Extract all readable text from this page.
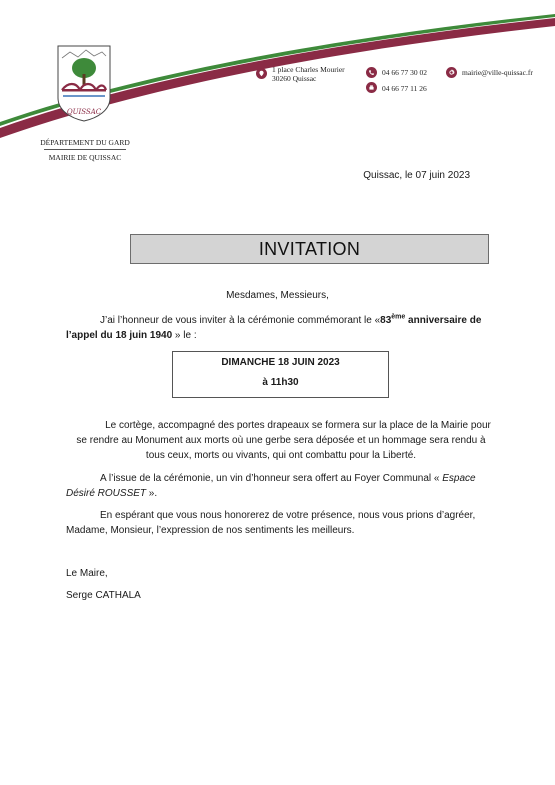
QUISSAC
DÉPARTEMENT DU GARD
MAIRIE DE QUISSAC
1 place Charles Mourier
30260 Quissac
04 66 77 30 02
04 66 77 11 26
mairie@ville-quissac.fr
Quissac, le 07 juin 2023
INVITATION
Mesdames, Messieurs,
J’ai l’honneur de vous inviter à la cérémonie commémorant le «83ème anniversaire de l’appel du 18 juin 1940 » le :
DIMANCHE 18 JUIN 2023
à 11h30
Le cortège, accompagné des portes drapeaux se formera sur la place de la Mairie pour se rendre au Monument aux morts où une gerbe sera déposée et un hommage sera rendu à tous ceux, morts ou vivants, qui ont combattu pour la Liberté.
A l’issue de la cérémonie, un vin d’honneur sera offert au Foyer Communal « Espace Désiré ROUSSET ».
En espérant que vous nous honorerez de votre présence, nous vous prions d’agréer, Madame, Monsieur, l’expression de nos sentiments les meilleurs.
Le Maire,
Serge CATHALA
